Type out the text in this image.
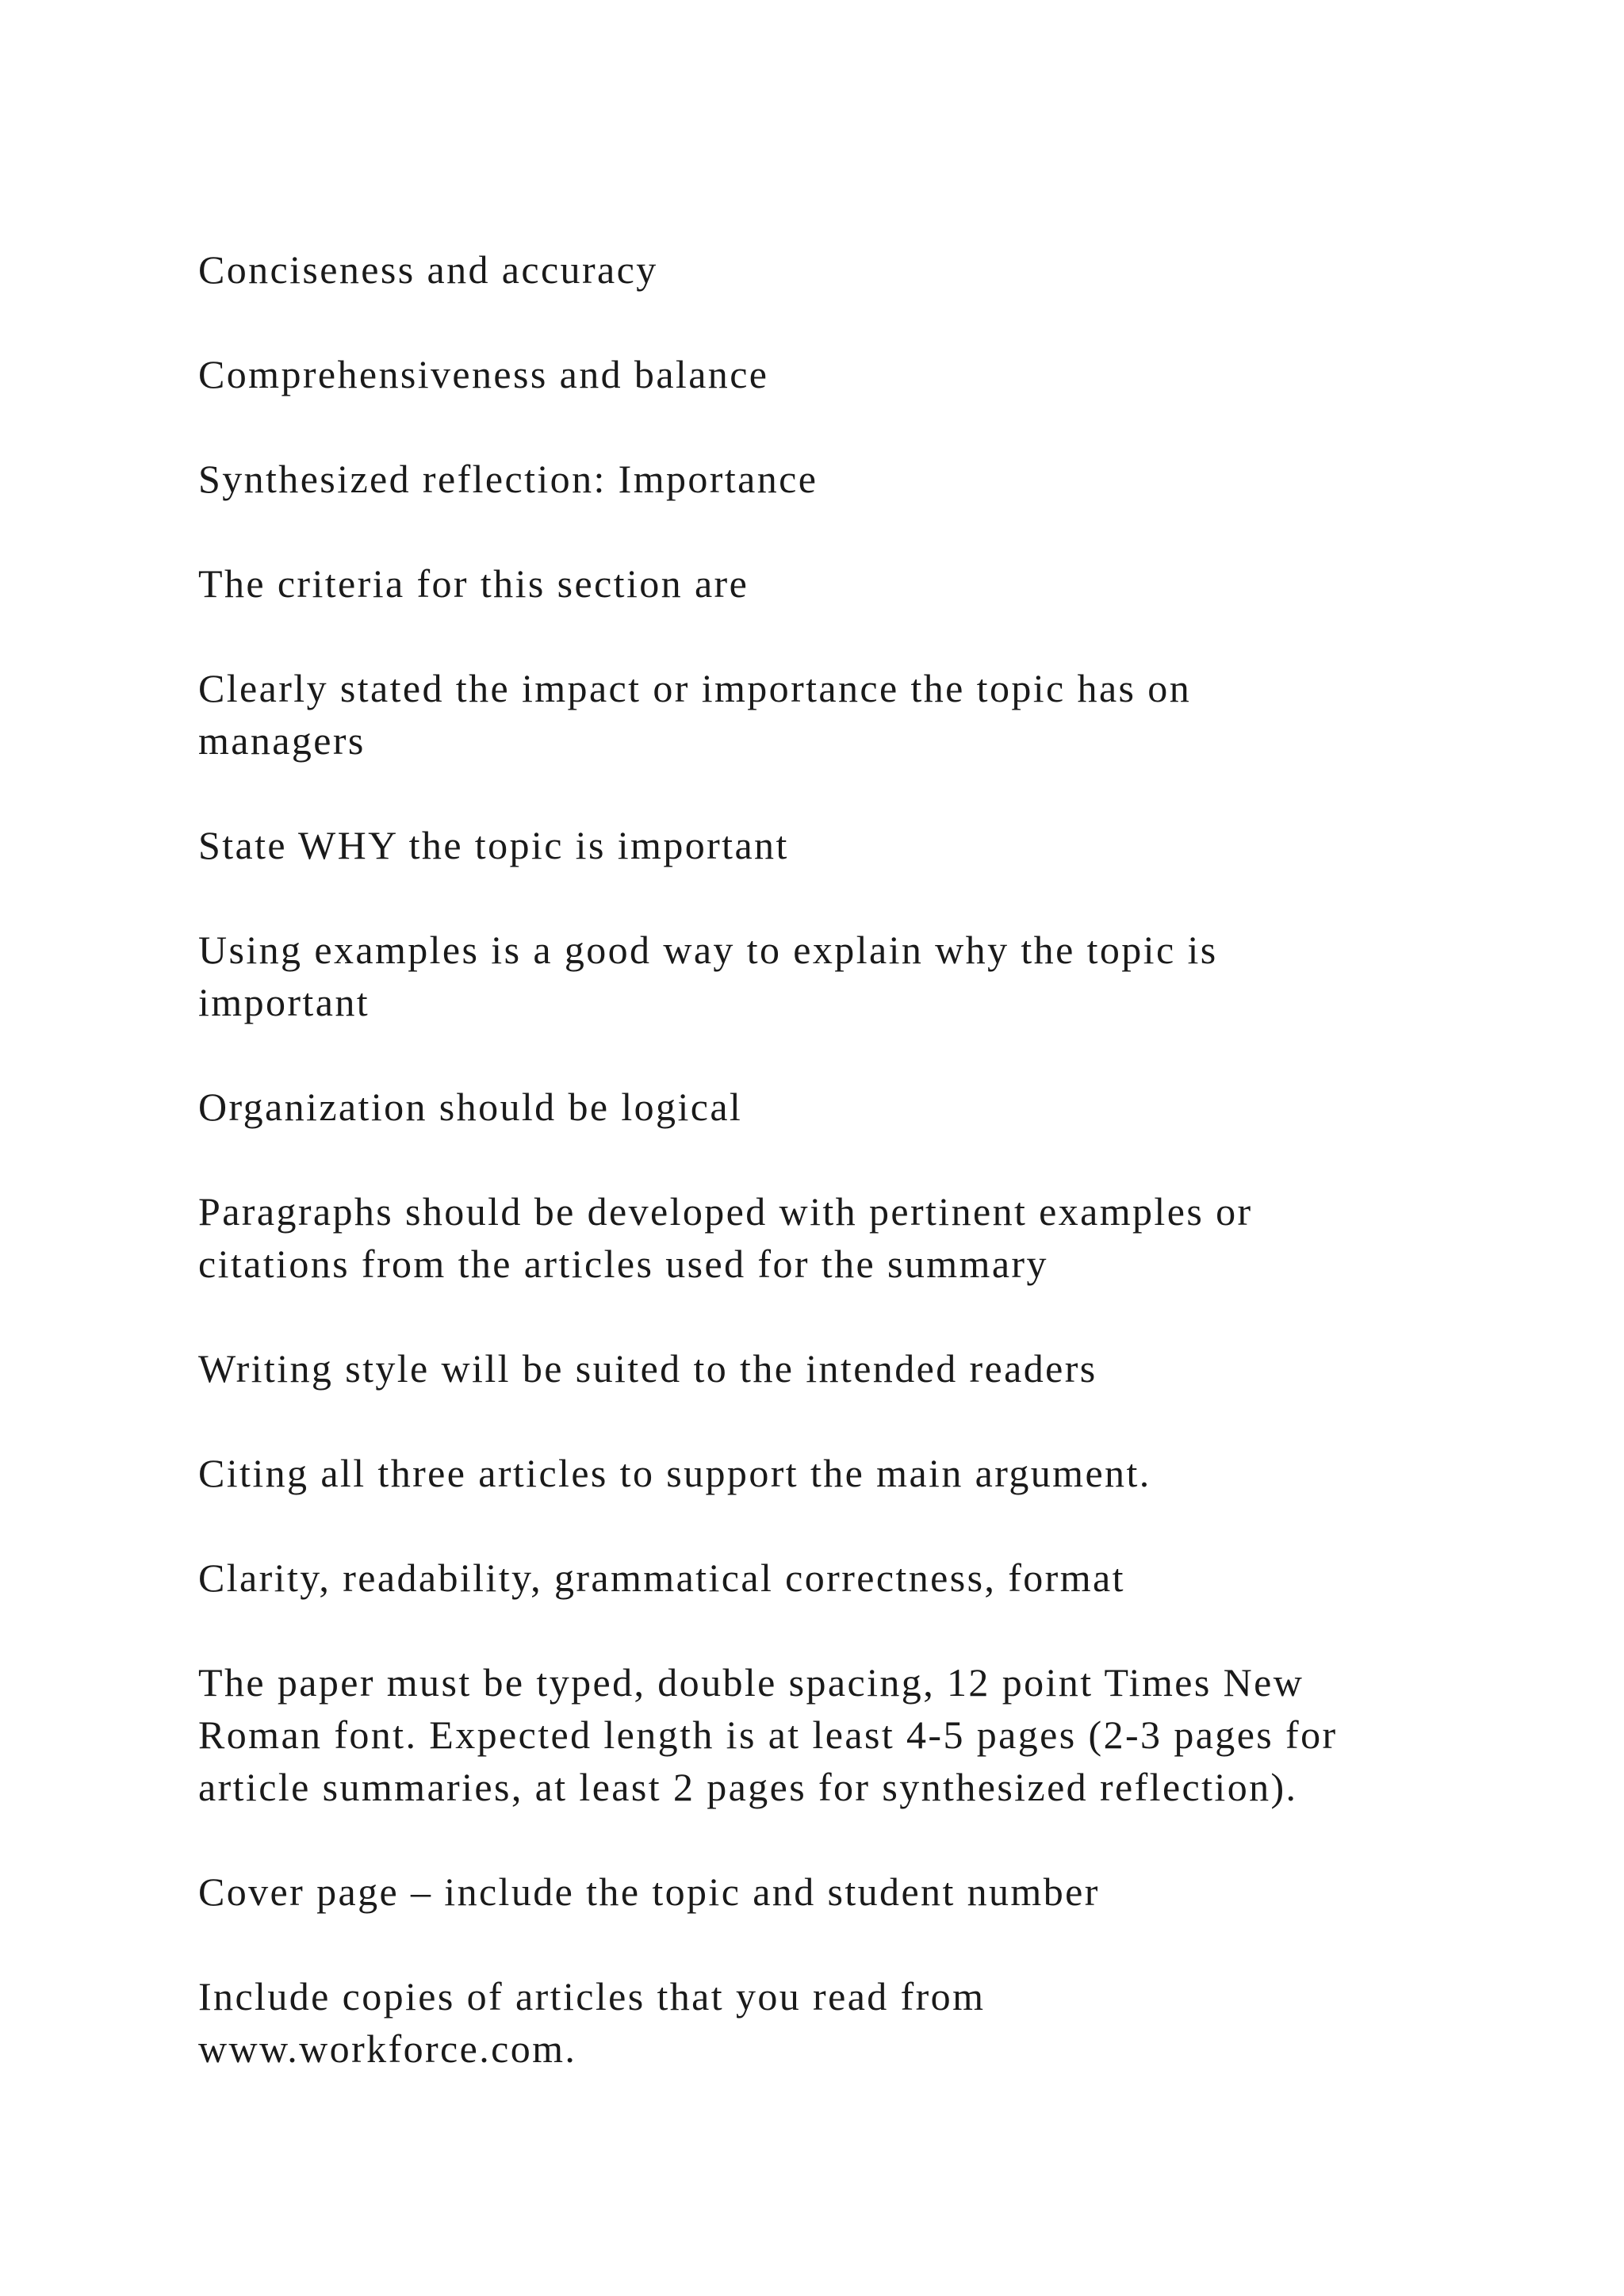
Conciseness and accuracy

Comprehensiveness and balance

Synthesized reflection: Importance

The criteria for this section are

Clearly stated the impact or importance the topic has on
managers

State WHY the topic is important

Using examples is a good way to explain why the topic is
important

Organization should be logical

Paragraphs should be developed with pertinent examples or
citations from the articles used for the summary

Writing style will be suited to the intended readers

Citing all three articles to support the main argument.

Clarity, readability, grammatical correctness, format

The paper must be typed, double spacing, 12 point Times New
Roman font. Expected length is at least 4-5 pages (2-3 pages for
article summaries, at least 2 pages for synthesized reflection).

Cover page – include the topic and student number

Include copies of articles that you read from
www.workforce.com.
